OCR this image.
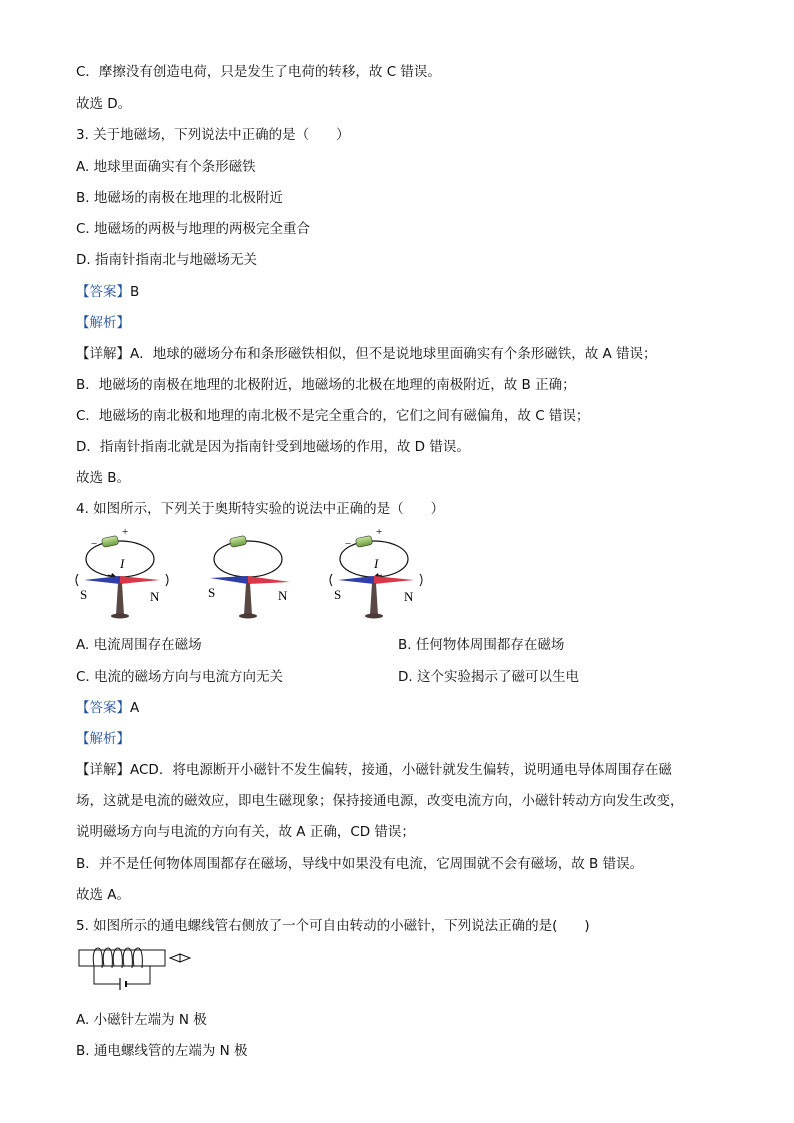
C．摩擦没有创造电荷，只是发生了电荷的转移，故 C 错误。
故选 D。
3. 关于地磁场，下列说法中正确的是（　　）
A. 地球里面确实有个条形磁铁
B. 地磁场的南极在地理的北极附近
C. 地磁场的两极与地理的两极完全重合
D. 指南针指南北与地磁场无关
【答案】B
【解析】
【详解】A．地球的磁场分布和条形磁铁相似，但不是说地球里面确实有个条形磁铁，故 A 错误；
B．地磁场的南极在地理的北极附近，地磁场的北极在地理的南极附近，故 B 正确；
C．地磁场的南北极和地理的南北极不是完全重合的，它们之间有磁偏角，故 C 错误；
D．指南针指南北就是因为指南针受到地磁场的作用，故 D 错误。
故选 B。
4. 如图所示，下列关于奥斯特实验的说法中正确的是（　　）
−
+
I
S	N	S	N
−
+
I
S	N
A. 电流周围存在磁场	B. 任何物体周围都存在磁场
C. 电流的磁场方向与电流方向无关	D. 这个实验揭示了磁可以生电
【答案】A
【解析】
【详解】ACD．将电源断开小磁针不发生偏转，接通，小磁针就发生偏转，说明通电导体周围存在磁
场，这就是电流的磁效应，即电生磁现象；保持接通电源，改变电流方向，小磁针转动方向发生改变，
说明磁场方向与电流的方向有关，故 A 正确，CD 错误；
B．并不是任何物体周围都存在磁场，导线中如果没有电流，它周围就不会有磁场，故 B 错误。
故选 A。
5. 如图所示的通电螺线管右侧放了一个可自由转动的小磁针，下列说法正确的是(　　)
A. 小磁针左端为 N 极
B. 通电螺线管的左端为 N 极
